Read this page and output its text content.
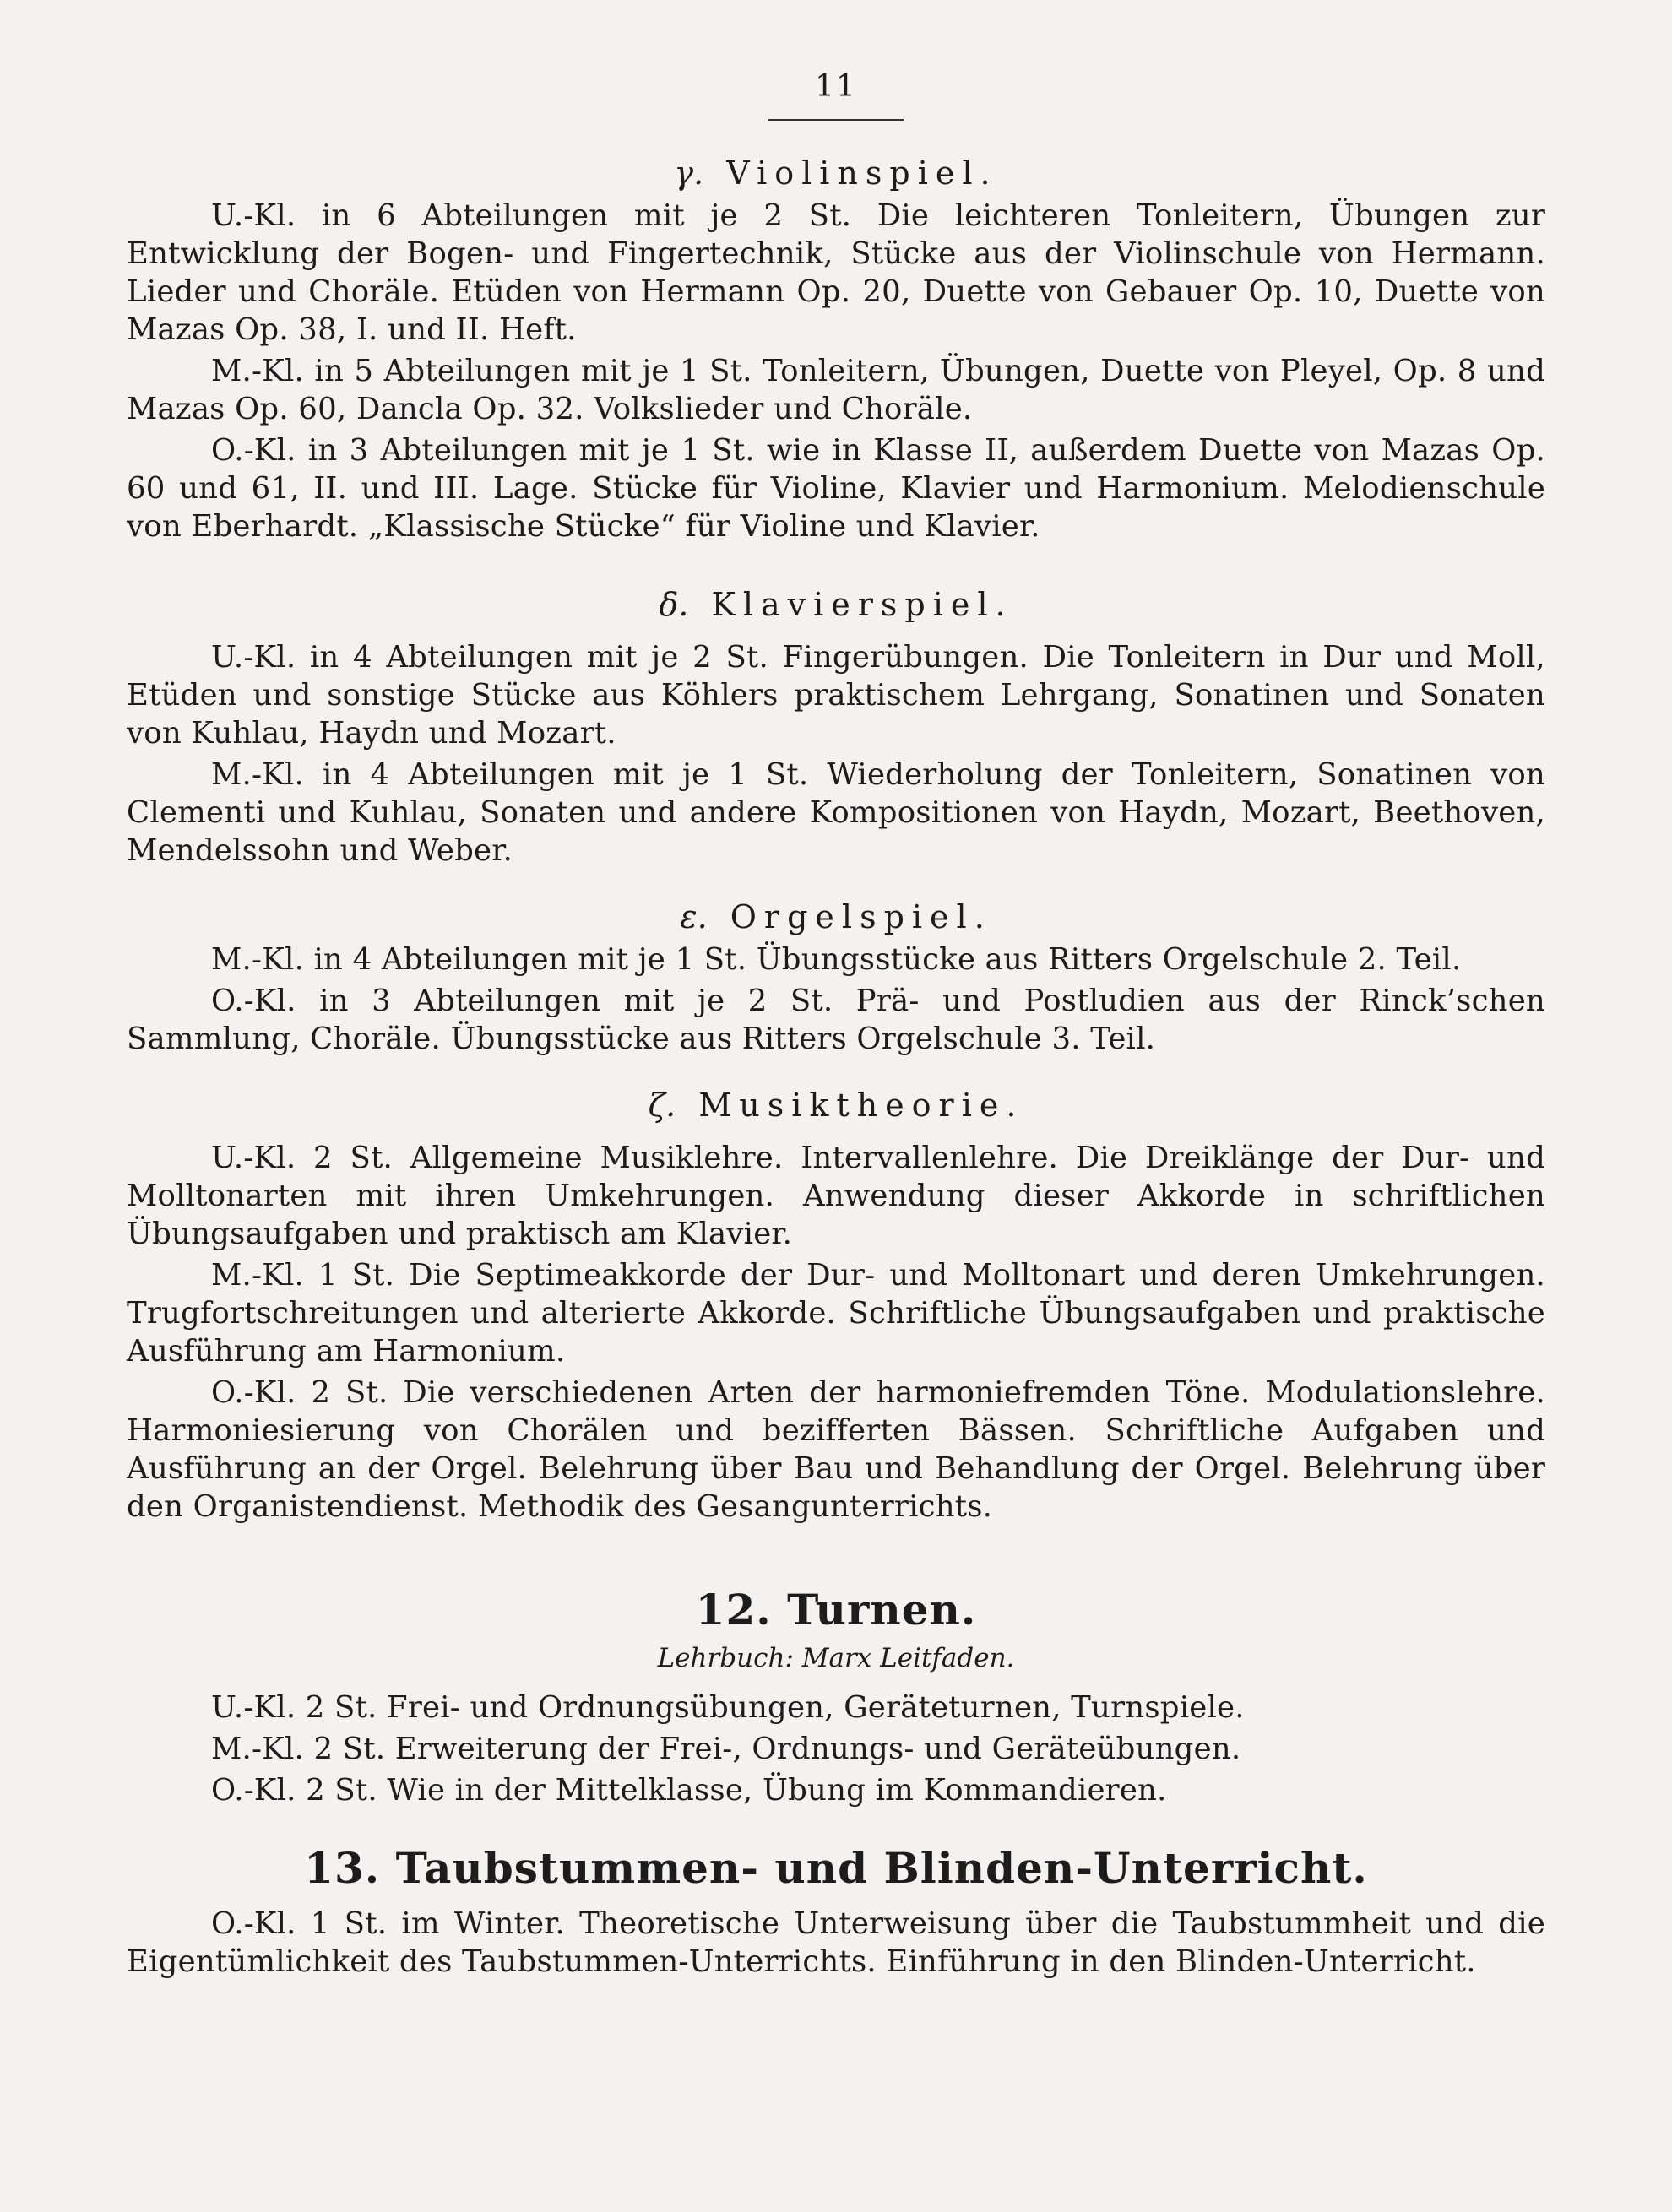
11
γ. Violinspiel.

U.-Kl. in 6 Abteilungen mit je 2 St. Die leichteren Tonleitern, Übungen zur Entwicklung der Bogen- und Fingertechnik, Stücke aus der Violinschule von Hermann. Lieder und Choräle. Etüden von Hermann Op. 20, Duette von Gebauer Op. 10, Duette von Mazas Op. 38, I. und II. Heft.

M.-Kl. in 5 Abteilungen mit je 1 St. Tonleitern, Übungen, Duette von Pleyel, Op. 8 und Mazas Op. 60, Dancla Op. 32. Volkslieder und Choräle.

O.-Kl. in 3 Abteilungen mit je 1 St. wie in Klasse II, außerdem Duette von Mazas Op. 60 und 61, II. und III. Lage. Stücke für Violine, Klavier und Harmonium. Melodienschule von Eberhardt. „Klassische Stücke“ für Violine und Klavier.

δ. Klavierspiel.

U.-Kl. in 4 Abteilungen mit je 2 St. Fingerübungen. Die Tonleitern in Dur und Moll, Etüden und sonstige Stücke aus Köhlers praktischem Lehrgang, Sonatinen und Sonaten von Kuhlau, Haydn und Mozart.

M.-Kl. in 4 Abteilungen mit je 1 St. Wiederholung der Tonleitern, Sonatinen von Clementi und Kuhlau, Sonaten und andere Kompositionen von Haydn, Mozart, Beethoven, Mendelssohn und Weber.

ε. Orgelspiel.

M.-Kl. in 4 Abteilungen mit je 1 St. Übungsstücke aus Ritters Orgelschule 2. Teil.

O.-Kl. in 3 Abteilungen mit je 2 St. Prä- und Postludien aus der Rinck’schen Sammlung, Choräle. Übungsstücke aus Ritters Orgelschule 3. Teil.

ζ. Musiktheorie.

U.-Kl. 2 St. Allgemeine Musiklehre. Intervallenlehre. Die Dreiklänge der Dur- und Molltonarten mit ihren Umkehrungen. Anwendung dieser Akkorde in schriftlichen Übungsaufgaben und praktisch am Klavier.

M.-Kl. 1 St. Die Septimeakkorde der Dur- und Molltonart und deren Umkehrungen. Trugfortschreitungen und alterierte Akkorde. Schriftliche Übungsaufgaben und praktische Ausführung am Harmonium.

O.-Kl. 2 St. Die verschiedenen Arten der harmoniefremden Töne. Modulationslehre. Harmoniesierung von Chorälen und bezifferten Bässen. Schriftliche Aufgaben und Ausführung an der Orgel. Belehrung über Bau und Behandlung der Orgel. Belehrung über den Organistendienst. Methodik des Gesangunterrichts.

12. Turnen.
Lehrbuch: Marx Leitfaden.

U.-Kl. 2 St. Frei- und Ordnungsübungen, Geräteturnen, Turnspiele.

M.-Kl. 2 St. Erweiterung der Frei-, Ordnungs- und Geräteübungen.

O.-Kl. 2 St. Wie in der Mittelklasse, Übung im Kommandieren.

13. Taubstummen- und Blinden-Unterricht.

O.-Kl. 1 St. im Winter. Theoretische Unterweisung über die Taubstummheit und die Eigentümlichkeit des Taubstummen-Unterrichts. Einführung in den Blinden-Unterricht.
